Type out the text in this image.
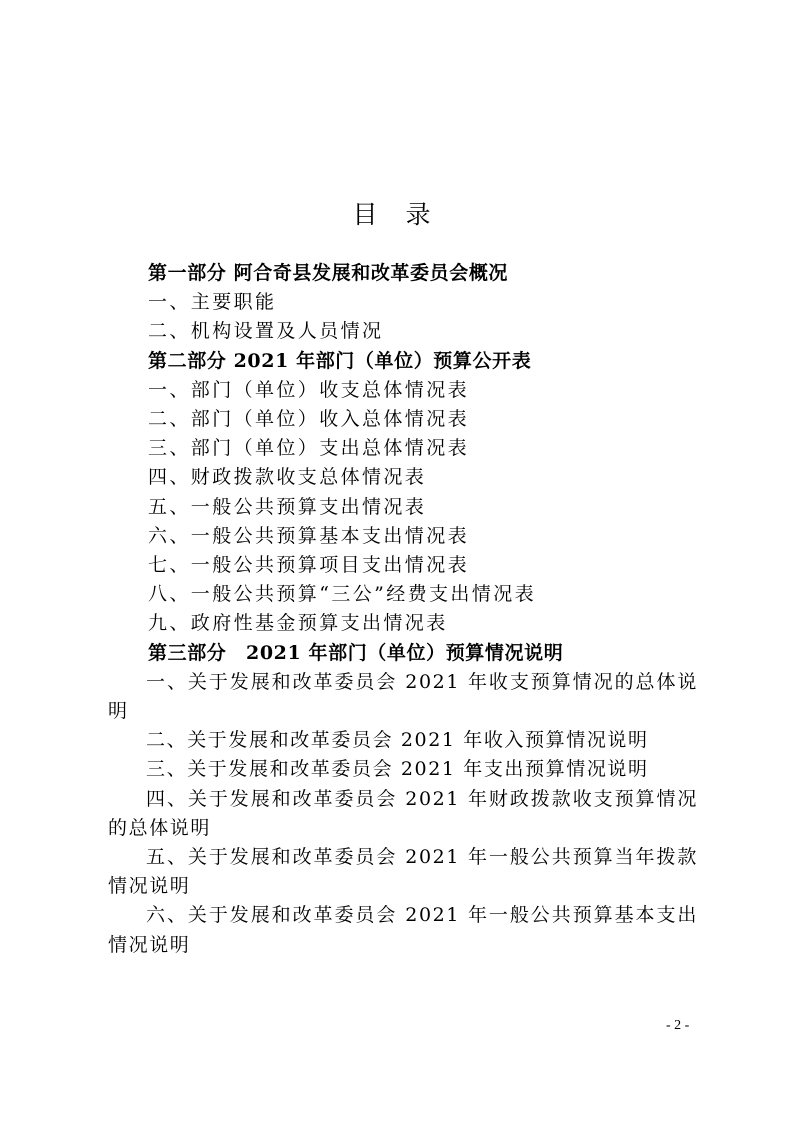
目 录
第一部分 阿合奇县发展和改革委员会概况
一、主要职能
二、机构设置及人员情况
第二部分 2021 年部门（单位）预算公开表
一、部门（单位）收支总体情况表
二、部门（单位）收入总体情况表
三、部门（单位）支出总体情况表
四、财政拨款收支总体情况表
五、一般公共预算支出情况表
六、一般公共预算基本支出情况表
七、一般公共预算项目支出情况表
八、一般公共预算“三公”经费支出情况表
九、政府性基金预算支出情况表
第三部分　2021 年部门（单位）预算情况说明
一、关于发展和改革委员会 2021 年收支预算情况的总体说明
二、关于发展和改革委员会 2021 年收入预算情况说明
三、关于发展和改革委员会 2021 年支出预算情况说明
四、关于发展和改革委员会 2021 年财政拨款收支预算情况的总体说明
五、关于发展和改革委员会 2021 年一般公共预算当年拨款情况说明
六、关于发展和改革委员会 2021 年一般公共预算基本支出情况说明
- 2 -
